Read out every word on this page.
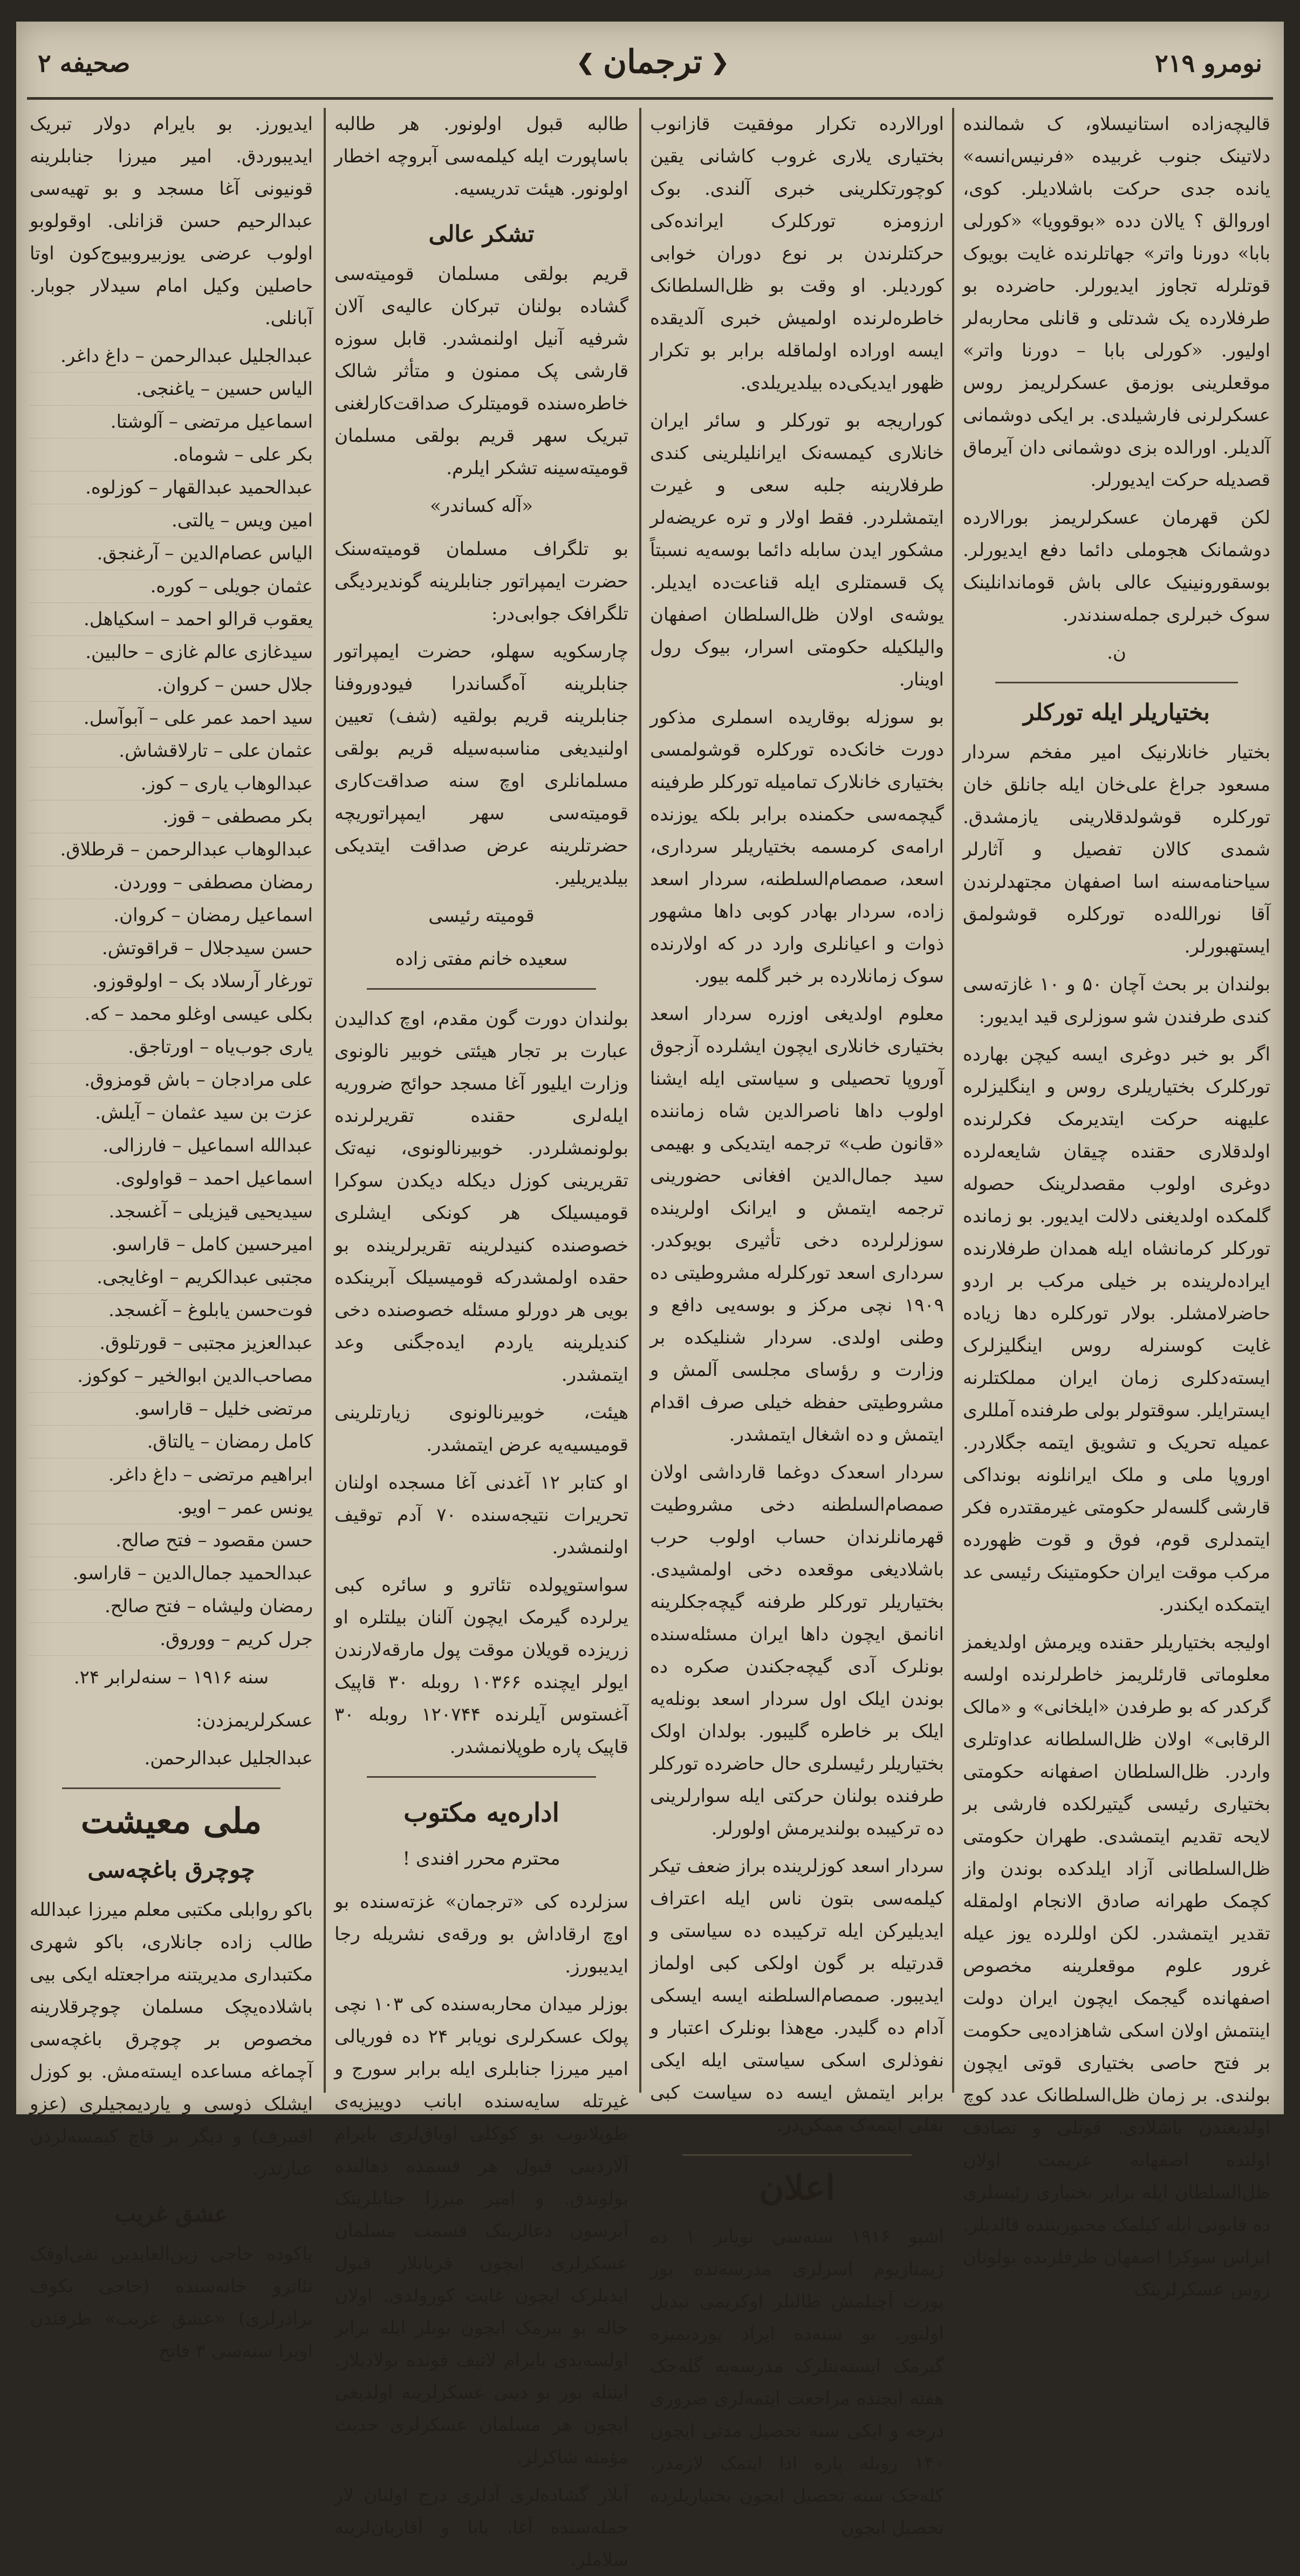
صحیفه ۲	❮ ترجمان ❯	نومرو ۲۱۹

قالیچه‌زاده استانیسلاو، ک شمالنده دلاتینک جنوب غربیده «فرنیس‌انسه» یانده جدی حرکت باشلادیلر. کوی، اوروالق ؟ یالان دده «بوقوویا» «کورلی بابا» دورنا واتر» جهاتلرنده غایت بویوک قوتلرله تجاوز ایدیورلر. حاضرده بو طرفلارده یک شدتلی و قانلی محاربه‌لر اولیور. «کورلی بابا – دورنا واتر» موقعلرینی بوزمق عسکرلریمز روس عسکرلرنی فارشیلدی. بر ایکی دوشمانی آلدیلر. اورالده بزی دوشمانی دان آیرماق قصدیله حرکت ایدیورلر.

لکن قهرمان عسکرلریمز بورالارده دوشمانک هجوملی دائما دفع ایدیورلر. بوسقورونینیک عالی باش قوماندانلینک سوک خبرلری جمله‌سندندر.

ن.
بختیاریلر ایله تورکلر

بختیار خانلارنیک امیر مفخم سردار مسعود جراغ علی‌خان ایله جانلق خان تورکلره قوشولدقلارینی یازمشدق. شمدی کالان تفصیل و آثارلر سیاحنامه‌سنه اسا اصفهان مجتهدلرندن آقا نورالله‌ده تورکلره قوشولمق ایستهبورلر.

بولندان بر بحث آچان ۵۰ و ۱۰ غازته‌سی کندی طرفندن شو سوزلری قید ایدیور:

اگر بو خبر دوغری ایسه کیچن بهارده تورکلرک بختیاریلری روس و اینگلیزلره علیهنه حرکت ایتدیرمک فکرلرنده اولدقلاری حقنده چیقان شایعه‌لرده دوغری اولوب مقصدلرینک حصوله گلمکده اولدیغنی دلالت ایدیور. بو زمانده تورکلر کرمانشاه ایله همدان طرفلارنده ایراده‌لرینده بر خیلی مرکب بر اردو حاضرلامشلر. بولار تورکلره دها زیاده غایت کوسنرله روس اینگلیزلرک ایسته‌دکلری زمان ایران مملکتلرنه ایسترایلر. سوقتولر بولی طرفنده آمللری عمیله تحریک و تشویق ایتمه جگلاردر. اوروپا ملی و ملک ایرانلونه بونداکی قارشی گلسه‌لر حکومتی غیرمقتدره فکر ایتمدلری قوم، فوق و قوت ظهورده مرکب موقت ایران حکومتینک رئیسی عد ایتمکده ایکندر.

اولیجه بختیاریلر حقنده ویرمش اولدیغمز معلوماتی قارئلریمز خاطرلرنده اولسه گرکدر که بو طرفدن «ایلخانی» و «مالک الرقابی» اولان ظل‌السلطانه عداوتلری واردر. ظل‌السلطان اصفهانه حکومتی بختیاری رئیسی گیتیرلکده فارشی بر لایحه تقدیم ایتمشدی. طهران حکومتی ظل‌السلطانی آزاد ایلدکده بوندن واز کچمک طهرانه صادق الانجام اولمقله تقدیر ایتمشدر. لکن اوللرده یوز عیله غرور علوم موقعلرینه مخصوص اصفهانده گیجمک ایچون ایران دولت اینتمش اولان اسکی شاهزاده‌یی حکومت بر فتح حاصی بختیاری قوتی ایچون بولندی. بر زمان ظل‌السلطانک عدد کوچ اولدیغندن باشلادی. قوتلی و تصادف اولنده اصفهانه عزیمت اولان ظل‌السلطان ایله برابر بختیاری رئیسلری ده قانونی ایله کیلمک مجبوریتنده قالدیلر. ایراس سوکرا اصفهان طرفلرنده بولونان روس عسکرلرینک

اورالارده تکرار موفقیت قازانوب بختیاری یلاری غروب کاشانی یقین کوچورتکلرینی خبری آلندی. بوک ارزومزه تورکلرک ایرانده‌کی حرکتلرندن بر نوع دوران خوابی کوردیلر. او وقت بو ظل‌السلطانک خاطره‌لرنده اولمیش خبری آلدیقده ایسه اوراده اولماقله برابر بو تکرار ظهور ایدیکی‌ده بیلدیریلدی.

کوراریجه بو تورکلر و سائر ایران خانلاری کیمسه‌نک ایرانلیلرینی کندی طرفلارینه جلبه سعی و غیرت ایتمشلردر. فقط اولار و تره عریضه‌لر مشکور ایدن سابله دائما بوسه‌یه نسبتاً پک قسمتلری ایله قناعت‌ده ایدیلر. یوشه‌ی اولان ظل‌السلطان اصفهان والیلکیله حکومتی اسرار، بیوک رول اوینار.

بو سوزله بوقاریده اسملری مذکور دورت خانک‌ده تورکلره قوشولمسی بختیاری خانلارک تمامیله تورکلر طرفینه گیچمه‌سی حکمنده برابر بلکه یوزنده ارامه‌ی کرمسمه بختیاریلر سرداری، اسعد، صمصام‌السلطنه، سردار اسعد زاده، سردار بهادر کوبی داها مشهور ذوات و اعیانلری وارد در که اولارنده سوک زمانلارده بر خبر گلمه بیور.

معلوم اولدیغی اوزره سردار اسعد بختیاری خانلاری ایچون ایشلرده آزجوق آوروپا تحصیلی و سیاستی ایله ایشنا اولوب داها ناصرالدین شاه زماننده «قانون طب» ترجمه ایتدیکی و بهیمی سید جمال‌الدین افغانی حضورینی ترجمه ایتمش و ایرانک اولرینده سوزلرلرده دخی تأثیری بویوکدر. سرداری اسعد تورکلرله مشروطیتی ده ۱۹۰۹ نچی مرکز و بوسه‌یی دافع و وطنی اولدی. سردار شنلیکده بر وزارت و رؤسای مجلسی آلمش و مشروطیتی حفظه خیلی صرف اقدام ایتمش و ده اشغال ایتمشدر.

سردار اسعدک دوغما قارداشی اولان صمصام‌السلطنه دخی مشروطیت قهرمانلرندان حساب اولوب حرب باشلادیغی موقعده دخی اولمشیدی. بختیاریلر تورکلر طرفنه گیچه‌جکلرینه انانمق ایچون داها ایران مسئله‌سنده بونلرک آدی گیچه‌جکندن صکره ده بوندن ایلک اول سردار اسعد بونله‌یه ایلک بر خاطره گلیبور. بولدان اولک بختیاریلر رئیسلری حال حاضرده تورکلر طرفنده بولنان حرکتی ایله سوارلرینی ده ترکیبده بولندیرمش اولورلر.

سردار اسعد کوزلرینده براز ضعف تیکر کیلمه‌سی بتون ناس ایله اعتراف ایدیلیرکن ایله ترکیبده ده سیاستی و قدرتیله بر گون اولکی کبی اولماز ایدیبور. صمصام‌السلطنه ایسه ایسکی آدام ده گلیدر. مع‌هذا بونلرک اعتبار و نفوذلری اسکی سیاستی ایله ایکی برابر ایتمش ایسه ده سیاست کبی نفلی ایتمه‌ک ممکن‌در.

اعلان

اشبو ۱۹۱۶ سنه‌سی نویابر ۱ ده ژیمنازیوم اسرلری مدرسه‌نده بوز پورت آچیلمش طالبلر اوکریمی تبدیل اولنور. بو سنه‌ده ایراد یوردیمیزه گیرمک ایسته‌ینلرک مدرسه‌یه گله‌جک هفته ایچنده مراجعت ایتمه‌لری ضروری درجه و ایکی سنه تحصیل مدتی ایچون ۱۴۰ روبله پاره ادا ایتمک لازمدر. کله‌جک سنه تحصیل ایچون بختیاریلرده تحصیل ایچون

طالبه قبول اولونور. هر طالبه باساپورت ایله کیلمه‌سی آبروچه اخطار اولونور. هیئت تدریسیه.

تشکر عالی

قریم بولقی مسلمان قومیته‌سی گشاده بولنان تبرکان عالیه‌ی آلان شرفیه آنیل اولنمشدر. قابل سوزه قارشی پک ممنون و متأثر شالک خاطره‌سنده قومیتلرک صداقت‌کارلغنی تبریک سهر قریم بولقی مسلمان قومیته‌سینه تشکر ایلرم.

«آله کساندر»

بو تلگراف مسلمان قومیته‌سنک حضرت ایمپراتور جنابلرینه گوندیردیگی تلگرافک جوابی‌در:

چارسکویه سهلو، حضرت ایمپراتور جنابلرینه آه‌گساندرا فیودوروفنا جنابلرینه قریم بولقیه (شف) تعیین اولنیدیغی مناسبه‌سیله قریم بولقی مسلمانلری اوچ سنه صداقت‌کاری قومیته‌سی سهر ایمپراتوریچه حضرتلرینه عرض صداقت ایتدیکی بیلدیریلیر.

قومیته رئیسی
سعیده خانم مفتی زاده

بولندان دورت گون مقدم، اوچ کدالیدن عبارت بر تجار هیئتی خوبیر نالونوی وزارت ایلیور آغا مسجد حوائج ضروریه ایله‌لری حقنده تقریرلرنده بولونمشلردر. خوبیرنالونوی، نیه‌تک تقریرینی کوزل دیکله دیکدن سوکرا قومیسیلک هر کونکی ایشلری خصوصنده کنیدلرینه تقریرلرینده بو حقده اولمشدرکه قومیسیلک آبرینکده بویی هر دورلو مسئله خصوصنده دخی کندیلرینه یاردم ایده‌جگنی وعد ایتمشدر.

هیئت، خوبیرنالونوی زیارتلرینی قومیسیه‌یه عرض ایتمشدر.

او کتابر ۱۲ آغدنی آغا مسجده اولنان تحریرات نتیجه‌سنده ۷۰ آدم توقیف اولنمشدر.

سواستوپولده تئاترو و سائره کبی یرلرده گیرمک ایچون آلنان بیلتلره او زریزده قویلان موقت پول مارقه‌لارندن ایولر ایچنده ۱۰۳۶۶ روبله ۳۰ قاپیک آغستوس آیلرنده ۱۲۰۷۴۴ روبله ۳۰ قاپیک پاره طوپلانمشدر.

اداره‌یه مکتوب
محترم محرر افندی !

سزلرده کی «ترجمان» غزته‌سنده بو اوچ ارقاداش بو ورقه‌ی نشریله رجا ایدیبورز.

بوزلر میدان محاربه‌سنده کی ۱۰۳ نچی پولک عسکرلری نویابر ۲۴ ده فوریالی امیر میرزا جنابلری ایله برابر سورج و غیرتله سایه‌سنده ابانب دوییزیه‌ی طوپلانوب بو کوکلی اوباق‌لری بایرام آلازدینی قبول هر قسمده دها‌لنده بولوندق. و امیر میرزا جنابلرینک آبرسون دعالرینک قسمت مسلمان عسکرلری ایچون قربانلار قبول ایدیلرک ایچون غایت کورولدی. اولان حاله بو بیرمک ایچون بونلر ایله برابر اولسه‌یدی بایرام لاتیف قونده بولادیلار. اینتله بوز بو دینی عسکرلرینه اولدیغی ایچون هر مسلمان عسکرلری حدیث مؤمنه شاکرلر.

آنلار گشاده‌لری آدلری درج اولنان لار جمله‌سنده آغا، بابا و آقاربان‌لرینه سلاملر.

ایدیورز. بو بایرام دولار تبریک ایدیبوردق. امیر میرزا جنابلرینه قونیونی آغا مسجد و بو تهیه‌سی عبدالرحیم حسن قزانلی. اوقولوبو اولوب عرضی یوزبیروبیوج‌کون اوتا حاصلین وکیل امام سیدلار جوبار. آبانلی.

عبدالجلیل عبدالرحمن – داغ داغر.
الیاس حسین – یاغنجی.
اسماعیل مرتضی – آلوشتا.
بکر علی – شوماه.
عبدالحمید عبدالقهار – کوزلوه.
امین ویس – یالتی.
الیاس عصام‌الدین – آرغنجق.
عثمان جویلی – کوره.
یعقوب قرالو احمد – اسکیاهل.
سیدغازی عالم غازی – حالبین.
جلال حسن – کروان.
سید احمد عمر علی – آبوآسل.
عثمان علی – تارلاقشاش.
عبدالوهاب یاری – کوز.
بکر مصطفی – قوز.
عبدالوهاب عبدالرحمن – قرطلاق.
رمضان مصطفی – ووردن.
اسماعیل رمضان – کروان.
حسن سیدجلال – قراقوتش.
تورغار آرسلاد بک – اولوقوزو.
بکلی عیسی اوغلو محمد – که.
یاری جوب‌یاه – اورتاجق.
علی مرادجان – باش قومزوق.
عزت بن سید عثمان – آیلش.
عبدالله اسماعیل – فارزالی.
اسماعیل احمد – قواولوی.
سیدیحیی قیزیلی – آغسجد.
امیرحسین کامل – قاراسو.
مجتبی عبدالکریم – اوغایجی.
فوت‌حسن یابلوغ – آغسجد.
عبدالعزیز مجتبی – قورتلوق.
مصاحب‌الدین ابوالخیر – کوکوز.
مرتضی خلیل – قاراسو.
کامل رمضان – یالتاق.
ابراهیم مرتضی – داغ داغر.
یونس عمر – اویو.
حسن مقصود – فتح صالح.
عبدالحمید جمال‌الدین – قاراسو.
رمضان ولیشاه – فتح صالح.
جرل کریم – ووروق.
سنه ۱۹۱۶ – سنه‌لرابر ۲۴.

عسکرلریمزدن:

عبدالجلیل عبدالرحمن.

ملی معیشت
چوچرق باغچه‌سی

باکو روابلی مکتبی معلم میرزا عبدالله طالب زاده جانلاری، باکو شهری مکتبداری مدیریتنه مراجعتله ایکی بیی باشلاده‌یچک مسلمان چوچرقلارینه مخصوص بر چوچرق باغچه‌سی آچماغه مساعده ایسته‌مش. بو کوزل ایشلک ذوسی و یاردیمجیلری (عزو اقبیرف) و دیگر بر قاچ کیمسه‌لردن عبارتدر.

عشق غریب

باکوده حاجی زین‌العابدین تقی‌اوفک تئاترو خانه‌سنده (حاجی بکوف برادرلری) «عشق غریب» طرفندن اوپرا سنه‌سی ۳ فاتح
